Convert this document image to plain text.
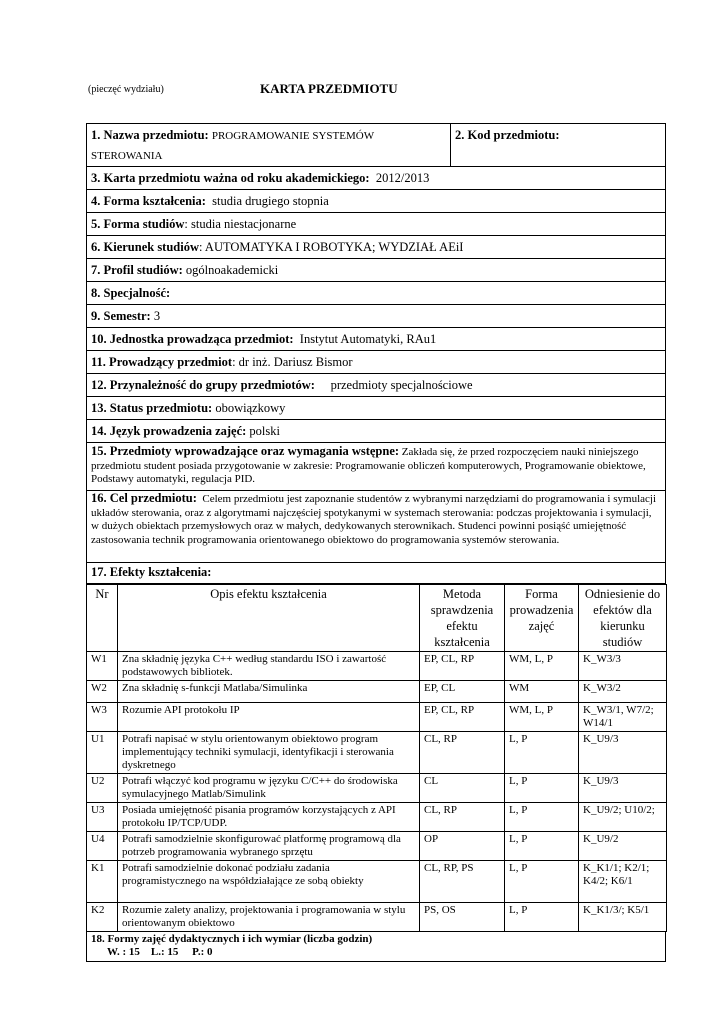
(pieczęć wydziału)	KARTA PRZEDMIOTU
1. Nazwa przedmiotu: PROGRAMOWANIE SYSTEMÓW
STEROWANIA
2. Kod przedmiotu:
3. Karta przedmiotu ważna od roku akademickiego: 2012/2013
4. Forma kształcenia: studia drugiego stopnia
5. Forma studiów: studia niestacjonarne
6. Kierunek studiów: AUTOMATYKA I ROBOTYKA; WYDZIAŁ AEiI
7. Profil studiów: ogólnoakademicki
8. Specjalność:
9. Semestr: 3
10. Jednostka prowadząca przedmiot: Instytut Automatyki, RAu1
11. Prowadzący przedmiot: dr inż. Dariusz Bismor
12. Przynależność do grupy przedmiotów: przedmioty specjalnościowe
13. Status przedmiotu: obowiązkowy
14. Język prowadzenia zajęć: polski
15. Przedmioty wprowadzające oraz wymagania wstępne: Zakłada się, że przed rozpoczęciem nauki niniejszego przedmiotu student posiada przygotowanie w zakresie: Programowanie obliczeń komputerowych, Programowanie obiektowe, Podstawy automatyki, regulacja PID.
16. Cel przedmiotu: Celem przedmiotu jest zapoznanie studentów z wybranymi narzędziami do programowania i symulacji układów sterowania, oraz z algorytmami najczęściej spotykanymi w systemach sterowania: podczas projektowania i symulacji, w dużych obiektach przemysłowych oraz w małych, dedykowanych sterownikach. Studenci powinni posiąść umiejętność zastosowania technik programowania orientowanego obiektowo do programowania systemów sterowania.
17. Efekty kształcenia:
Nr	Opis efektu kształcenia	Metoda sprawdzenia efektu kształcenia	Forma prowadzenia zajęć	Odniesienie do efektów dla kierunku studiów
W1	Zna składnię języka C++ według standardu ISO i zawartość podstawowych bibliotek.	EP, CL, RP	WM, L, P	K_W3/3
W2	Zna składnię s-funkcji Matlaba/Simulinka	EP, CL	WM	K_W3/2
W3	Rozumie API protokołu IP	EP, CL, RP	WM, L, P	K_W3/1, W7/2; W14/1
U1	Potrafi napisać w stylu orientowanym obiektowo program implementujący techniki symulacji, identyfikacji i sterowania dyskretnego	CL, RP	L, P	K_U9/3
U2	Potrafi włączyć kod programu w języku C/C++ do środowiska symulacyjnego Matlab/Simulink	CL	L, P	K_U9/3
U3	Posiada umiejętność pisania programów korzystających z API protokołu IP/TCP/UDP.	CL, RP	L, P	K_U9/2; U10/2;
U4	Potrafi samodzielnie skonfigurować platformę programową dla potrzeb programowania wybranego sprzętu	OP	L, P	K_U9/2
K1	Potrafi samodzielnie dokonać podziału zadania programistycznego na współdziałające ze sobą obiekty	CL, RP, PS	L, P	K_K1/1; K2/1; K4/2; K6/1
K2	Rozumie zalety analizy, projektowania i programowania w stylu orientowanym obiektowo	PS, OS	L, P	K_K1/3/; K5/1
18. Formy zajęć dydaktycznych i ich wymiar (liczba godzin)
W. : 15    L.: 15     P.: 0
